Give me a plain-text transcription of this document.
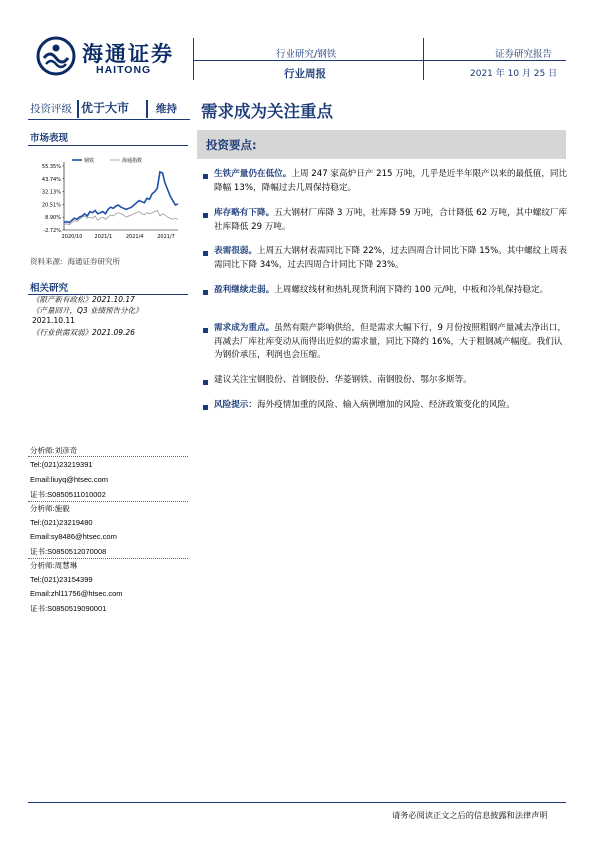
海通证券
HAITONG
行业研究/钢铁
行业周报
证券研究报告
2021 年 10 月 25 日
投资评级 优于大市	维持 需求成为关注重点
市场表现
55.35%
43.74%
32.13%
20.51%
8.90%
-2.72%
2020/10 2021/1	2021/4	2021/7
钢铁	海通指数
资料来源：海通证券研究所
相关研究
《限产新有政松》2021.10.17
《产量回升，Q3 业绩预告分化》
2021.10.11
《行业供需双弱》2021.09.26
分析师:刘彦奇
Tel:(021)23219391
Email:liuyq@htsec.com
证书:S0850511010002
分析师:施毅
Tel:(021)23219480
Email:sy8486@htsec.com
证书:S0850512070008
分析师:周慧琳
Tel:(021)23154399
Email:zhl11756@htsec.com
证书:S0850519090001
投资要点:
生铁产量仍在低位。上周 247 家高炉日产 215 万吨，几乎是近半年限产以来的最低值，同比降幅 13%，降幅过去几周保持稳定。
库存略有下降。五大钢材厂库降 3 万吨，社库降 59 万吨，合计降低 62 万吨，其中螺纹厂库社库降低 29 万吨。
表需很弱。上周五大钢材表需同比下降 22%，过去四周合计同比下降 15%。其中螺纹上周表需同比下降 34%，过去四周合计同比下降 23%。
盈利继续走弱。上周螺纹线材和热轧现货利润下降约 100 元/吨，中板和冷轧保持稳定。
需求成为重点。虽然有限产影响供给，但是需求大幅下行，9 月份按照粗钢产量减去净出口，再减去厂库社库变动从而得出近似的需求量，同比下降约 16%，大于粗钢减产幅度。我们认为钢价承压，利润也会压缩。
建议关注宝钢股份、首钢股份、华菱钢铁、南钢股份、鄂尔多斯等。
风险提示：海外疫情加重的风险、输入病例增加的风险、经济政策变化的风险。
请务必阅读正文之后的信息披露和法律声明
